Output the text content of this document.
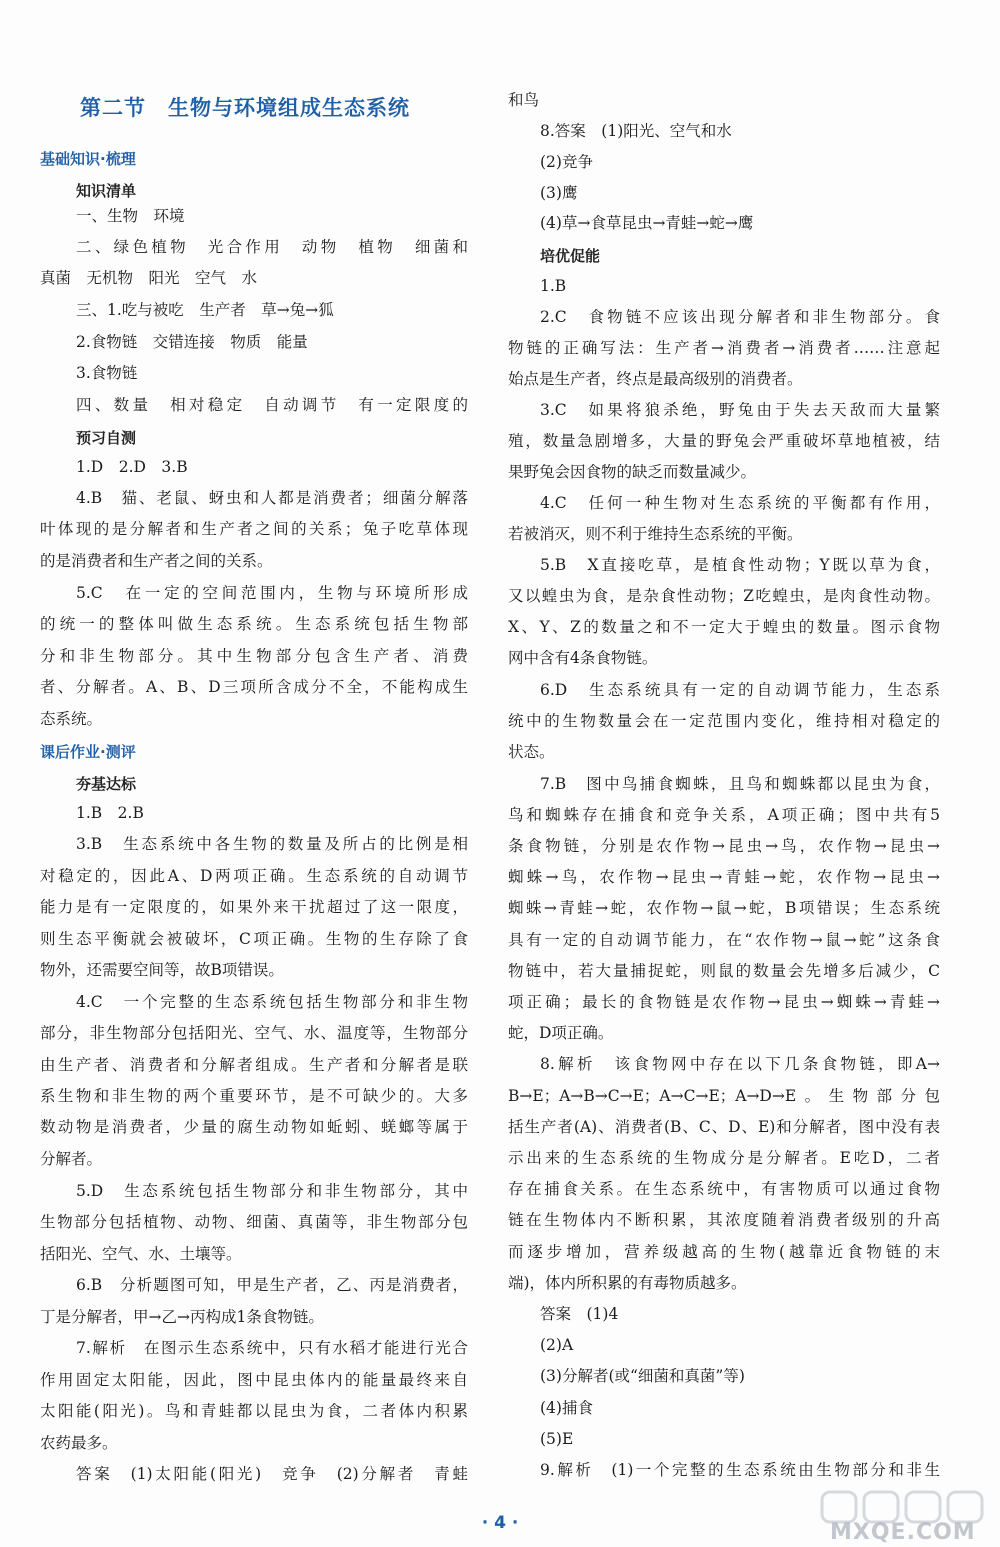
第二节　生物与环境组成生态系统
基础知识·梳理
知识清单
一、生物　环境
二、绿色植物　光合作用　动物　植物　细菌和
真菌　无机物　阳光　空气　水
三、1.吃与被吃　生产者　草→兔→狐
2.食物链　交错连接　物质　能量
3.食物链
四、数量　相对稳定　自动调节　有一定限度的
预习自测
1.D　2.D　3.B
4.B　猫、老鼠、蚜虫和人都是消费者；细菌分解落
叶体现的是分解者和生产者之间的关系；兔子吃草体现
的是消费者和生产者之间的关系。
5.C　在一定的空间范围内，生物与环境所形成
的统一的整体叫做生态系统。生态系统包括生物部
分和非生物部分。其中生物部分包含生产者、消费
者、分解者。A、B、D三项所含成分不全，不能构成生
态系统。
课后作业·测评
夯基达标
1.B　2.B
3.B　生态系统中各生物的数量及所占的比例是相
对稳定的，因此A、D两项正确。生态系统的自动调节
能力是有一定限度的，如果外来干扰超过了这一限度，
则生态平衡就会被破坏，C项正确。生物的生存除了食
物外，还需要空间等，故B项错误。
4.C　一个完整的生态系统包括生物部分和非生物
部分，非生物部分包括阳光、空气、水、温度等，生物部分
由生产者、消费者和分解者组成。生产者和分解者是联
系生物和非生物的两个重要环节，是不可缺少的。大多
数动物是消费者，少量的腐生动物如蚯蚓、蜣螂等属于
分解者。
5.D　生态系统包括生物部分和非生物部分，其中
生物部分包括植物、动物、细菌、真菌等，非生物部分包
括阳光、空气、水、土壤等。
6.B　分析题图可知，甲是生产者，乙、丙是消费者，
丁是分解者，甲→乙→丙构成1条食物链。
7.解析　在图示生态系统中，只有水稻才能进行光合
作用固定太阳能，因此，图中昆虫体内的能量最终来自
太阳能(阳光)。鸟和青蛙都以昆虫为食，二者体内积累
农药最多。
答案　(1)太阳能(阳光)　竞争　(2)分解者　青蛙
和鸟
8.答案　(1)阳光、空气和水
(2)竞争
(3)鹰
(4)草→食草昆虫→青蛙→蛇→鹰
培优促能
1.B
2.C　食物链不应该出现分解者和非生物部分。食
物链的正确写法：生产者→消费者→消费者……注意起
始点是生产者，终点是最高级别的消费者。
3.C　如果将狼杀绝，野兔由于失去天敌而大量繁
殖，数量急剧增多，大量的野兔会严重破坏草地植被，结
果野兔会因食物的缺乏而数量减少。
4.C　任何一种生物对生态系统的平衡都有作用，
若被消灭，则不利于维持生态系统的平衡。
5.B　X直接吃草，是植食性动物；Y既以草为食，
又以蝗虫为食，是杂食性动物；Z吃蝗虫，是肉食性动物。
X、Y、Z的数量之和不一定大于蝗虫的数量。图示食物
网中含有4条食物链。
6.D　生态系统具有一定的自动调节能力，生态系
统中的生物数量会在一定范围内变化，维持相对稳定的
状态。
7.B　图中鸟捕食蜘蛛，且鸟和蜘蛛都以昆虫为食，
鸟和蜘蛛存在捕食和竞争关系，A项正确；图中共有5
条食物链，分别是农作物→昆虫→鸟，农作物→昆虫→
蜘蛛→鸟，农作物→昆虫→青蛙→蛇，农作物→昆虫→
蜘蛛→青蛙→蛇，农作物→鼠→蛇，B项错误；生态系统
具有一定的自动调节能力，在“农作物→鼠→蛇”这条食
物链中，若大量捕捉蛇，则鼠的数量会先增多后减少，C
项正确；最长的食物链是农作物→昆虫→蜘蛛→青蛙→
蛇，D项正确。
8.解析　该食物网中存在以下几条食物链，即A→
B→E；A→B→C→E；A→C→E；A→D→E。生物部分包
括生产者(A)、消费者(B、C、D、E)和分解者，图中没有表
示出来的生态系统的生物成分是分解者。E吃D，二者
存在捕食关系。在生态系统中，有害物质可以通过食物
链在生物体内不断积累，其浓度随着消费者级别的升高
而逐步增加，营养级越高的生物(越靠近食物链的末
端)，体内所积累的有毒物质越多。
答案　(1)4
(2)A
(3)分解者(或“细菌和真菌”等)
(4)捕食
(5)E
9.解析　(1)一个完整的生态系统由生物部分和非生
· 4 ·	MXQE.COM
